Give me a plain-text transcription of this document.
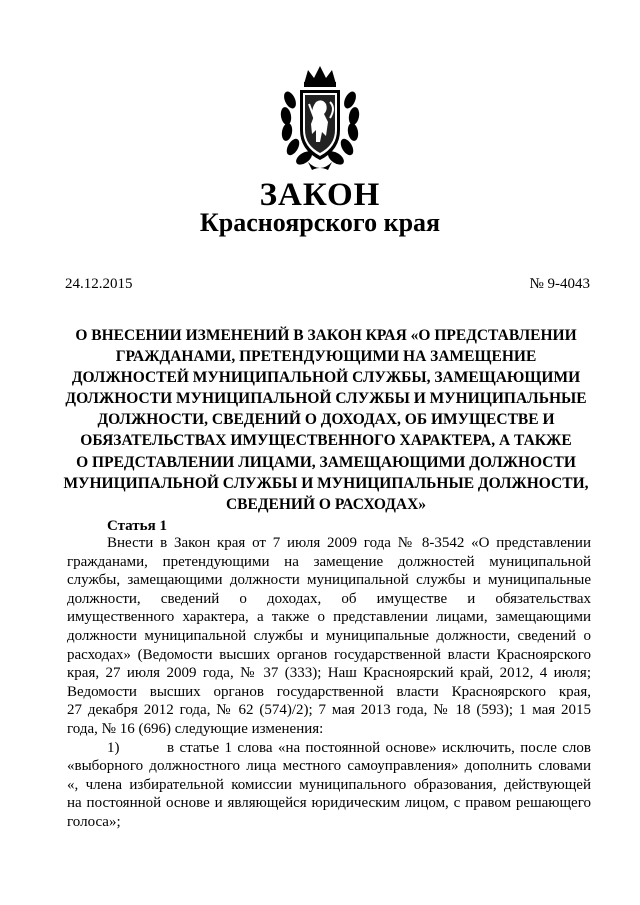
ЗАКОН
Красноярского края
24.12.2015	№ 9-4043
О ВНЕСЕНИИ ИЗМЕНЕНИЙ В ЗАКОН КРАЯ «О ПРЕДСТАВЛЕНИИ
ГРАЖДАНАМИ, ПРЕТЕНДУЮЩИМИ НА ЗАМЕЩЕНИЕ
ДОЛЖНОСТЕЙ МУНИЦИПАЛЬНОЙ СЛУЖБЫ, ЗАМЕЩАЮЩИМИ
ДОЛЖНОСТИ МУНИЦИПАЛЬНОЙ СЛУЖБЫ И МУНИЦИПАЛЬНЫЕ
ДОЛЖНОСТИ, СВЕДЕНИЙ О ДОХОДАХ, ОБ ИМУЩЕСТВЕ И
ОБЯЗАТЕЛЬСТВАХ ИМУЩЕСТВЕННОГО ХАРАКТЕРА, А ТАКЖЕ
О ПРЕДСТАВЛЕНИИ ЛИЦАМИ, ЗАМЕЩАЮЩИМИ ДОЛЖНОСТИ
МУНИЦИПАЛЬНОЙ СЛУЖБЫ И МУНИЦИПАЛЬНЫЕ ДОЛЖНОСТИ,
СВЕДЕНИЙ О РАСХОДАХ»
Статья 1
Внести в Закон края от 7 июля 2009 года № 8-3542 «О представлении
гражданами, претендующими на замещение должностей муниципальной
службы, замещающими должности муниципальной службы и муниципальные
должности, сведений о доходах, об имуществе и обязательствах
имущественного характера, а также о представлении лицами, замещающими
должности муниципальной службы и муниципальные должности, сведений о
расходах» (Ведомости высших органов государственной власти Красноярского
края, 27 июля 2009 года, № 37 (333); Наш Красноярский край, 2012, 4 июля;
Ведомости высших органов государственной власти Красноярского края,
27 декабря 2012 года, № 62 (574)/2); 7 мая 2013 года, № 18 (593); 1 мая 2015
года, № 16 (696) следующие изменения:
1)	в статье 1 слова «на постоянной основе» исключить, после слов
«выборного должностного лица местного самоуправления» дополнить словами
«, члена избирательной комиссии муниципального образования, действующей
на постоянной основе и являющейся юридическим лицом, с правом решающего
голоса»;
